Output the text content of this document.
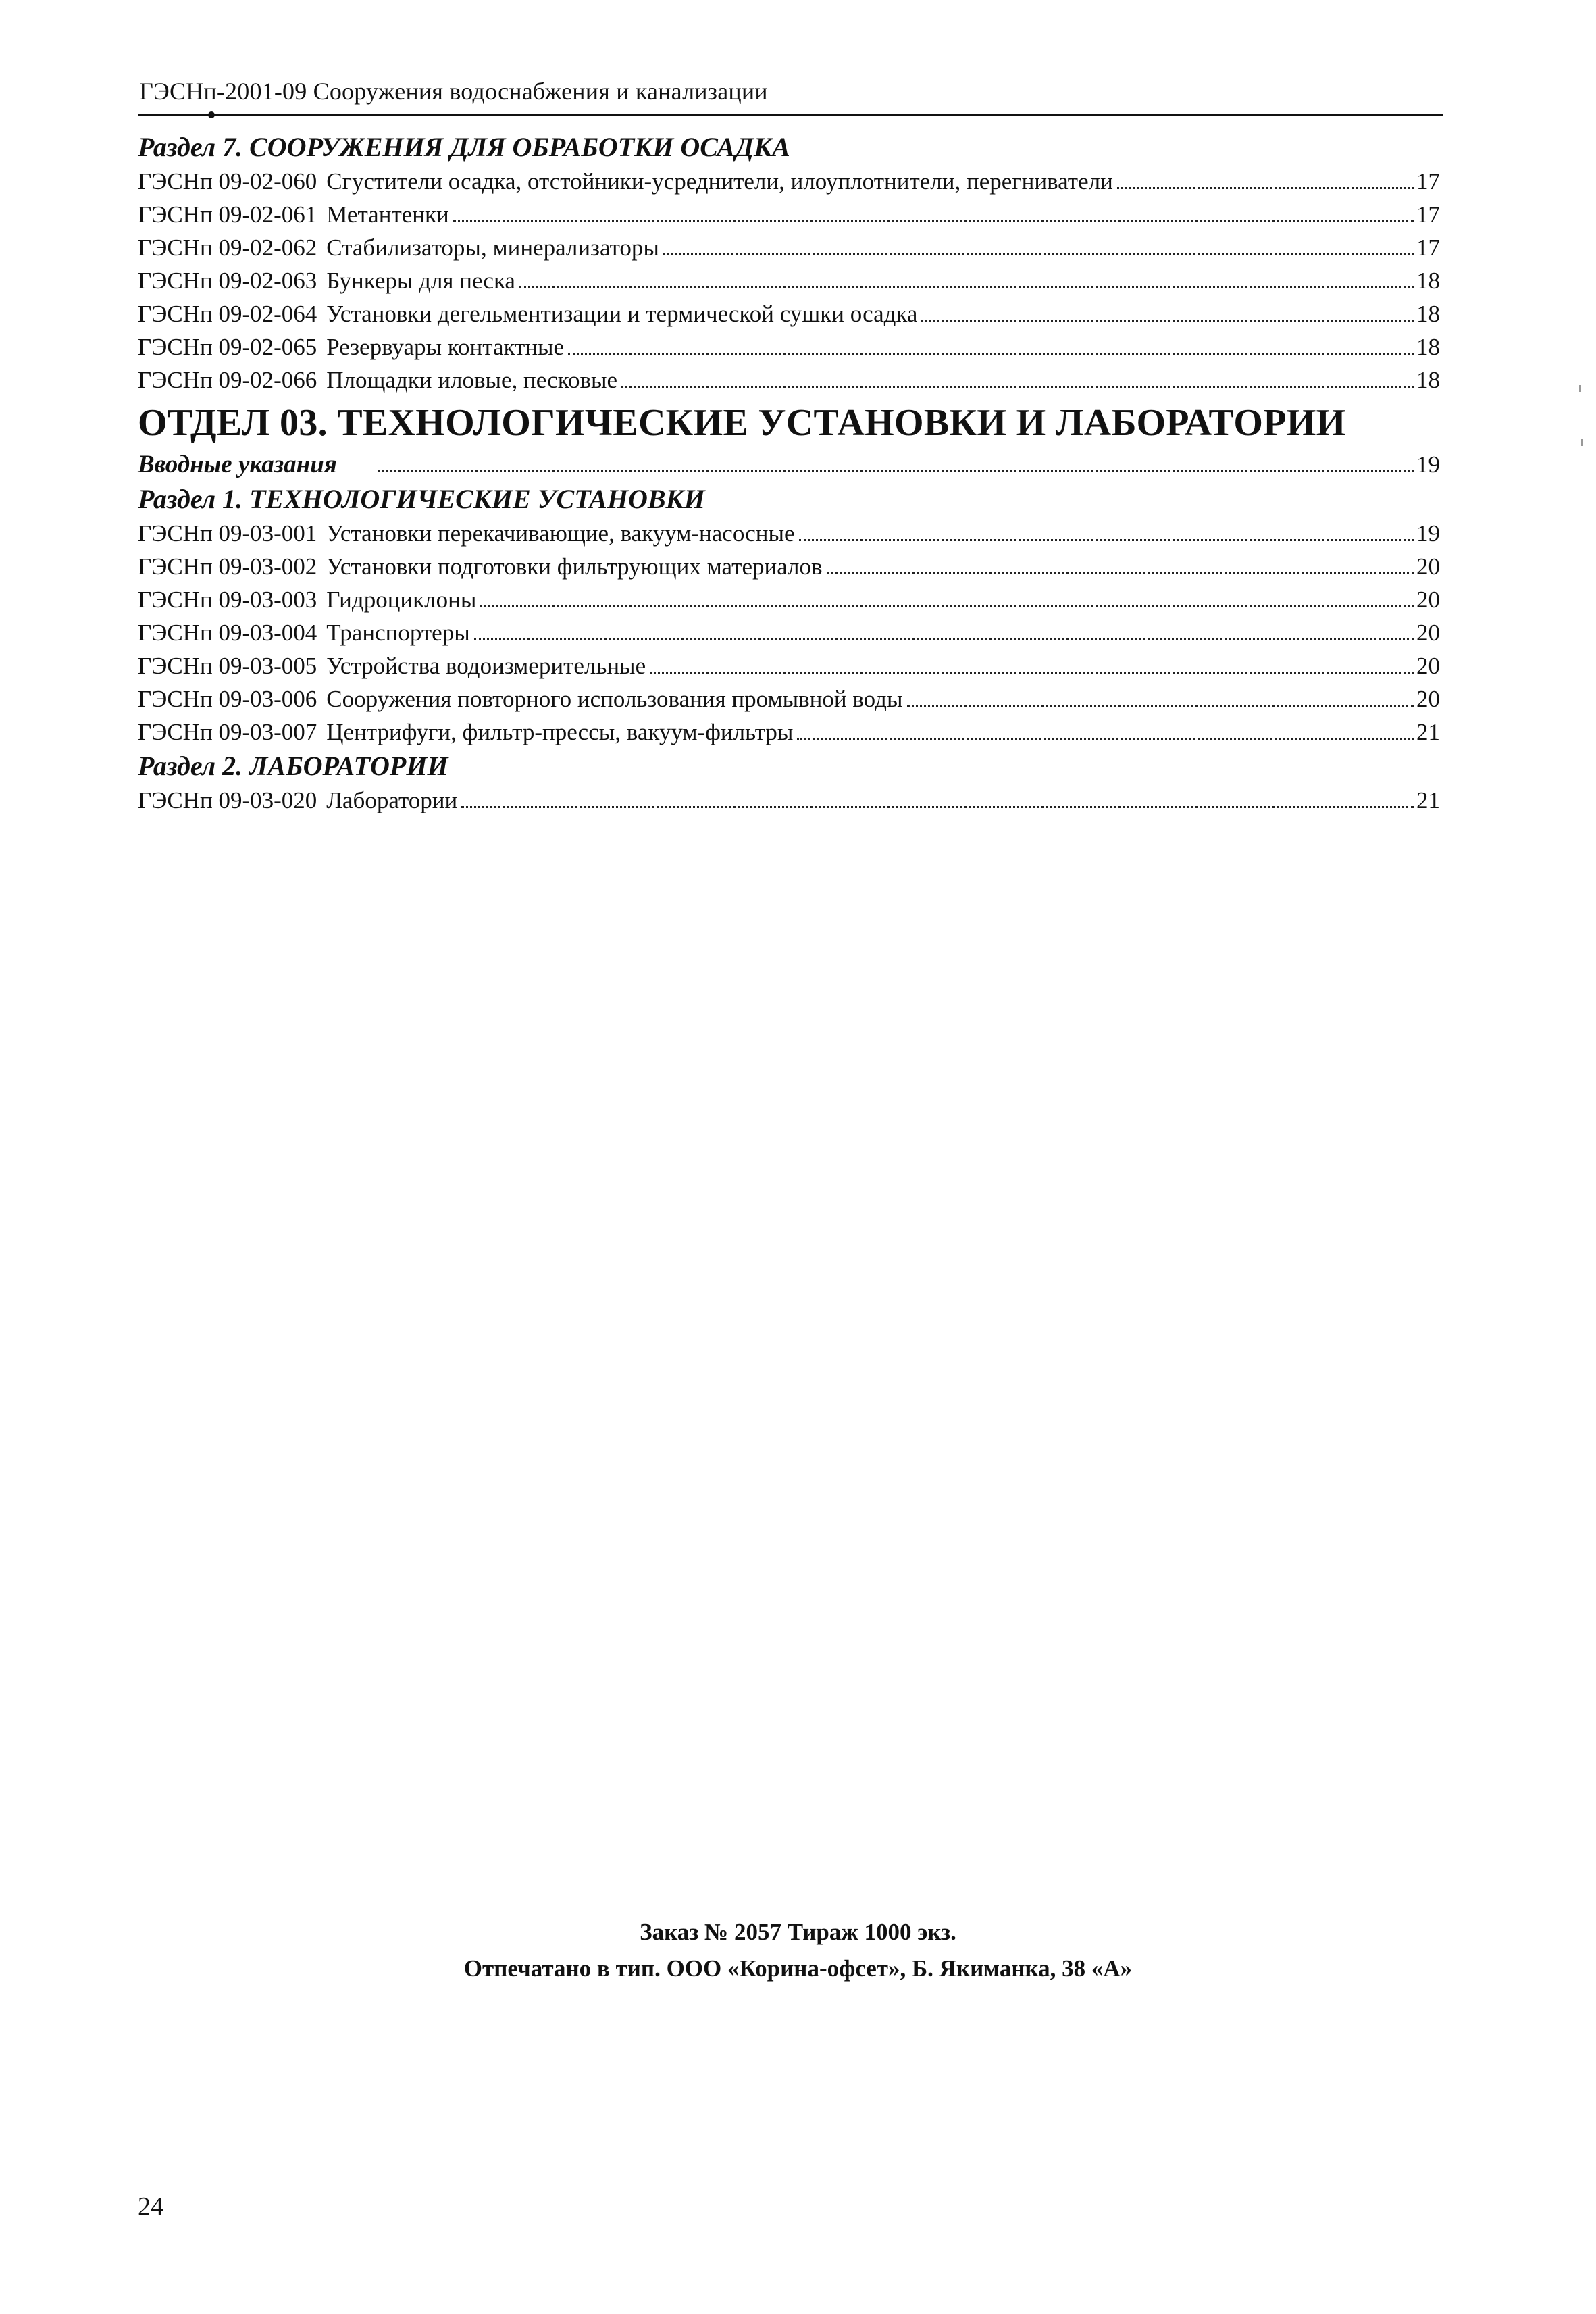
ГЭСНп-2001-09 Сооружения водоснабжения и канализации
Раздел 7. СООРУЖЕНИЯ ДЛЯ ОБРАБОТКИ ОСАДКА
ГЭСНп 09-02-060 Сгустители осадка, отстойники-усреднители, илоуплотнители, перегниватели	17
ГЭСНп 09-02-061 Метантенки	17
ГЭСНп 09-02-062 Стабилизаторы, минерализаторы	17
ГЭСНп 09-02-063 Бункеры для песка	18
ГЭСНп 09-02-064 Установки дегельментизации и термической сушки осадка	18
ГЭСНп 09-02-065 Резервуары контактные	18
ГЭСНп 09-02-066 Площадки иловые, песковые	18
ОТДЕЛ 03. ТЕХНОЛОГИЧЕСКИЕ УСТАНОВКИ И ЛАБОРАТОРИИ
Вводные указания	19
Раздел 1. ТЕХНОЛОГИЧЕСКИЕ УСТАНОВКИ
ГЭСНп 09-03-001 Установки перекачивающие, вакуум-насосные	19
ГЭСНп 09-03-002 Установки подготовки фильтрующих материалов	20
ГЭСНп 09-03-003 Гидроциклоны	20
ГЭСНп 09-03-004 Транспортеры	20
ГЭСНп 09-03-005 Устройства водоизмерительные	20
ГЭСНп 09-03-006 Сооружения повторного использования промывной воды	20
ГЭСНп 09-03-007 Центрифуги, фильтр-прессы, вакуум-фильтры	21
Раздел 2. ЛАБОРАТОРИИ
ГЭСНп 09-03-020 Лаборатории	21
Заказ № 2057 Тираж 1000 экз.
Отпечатано в тип. ООО «Корина-офсет», Б. Якиманка, 38 «А»
24
